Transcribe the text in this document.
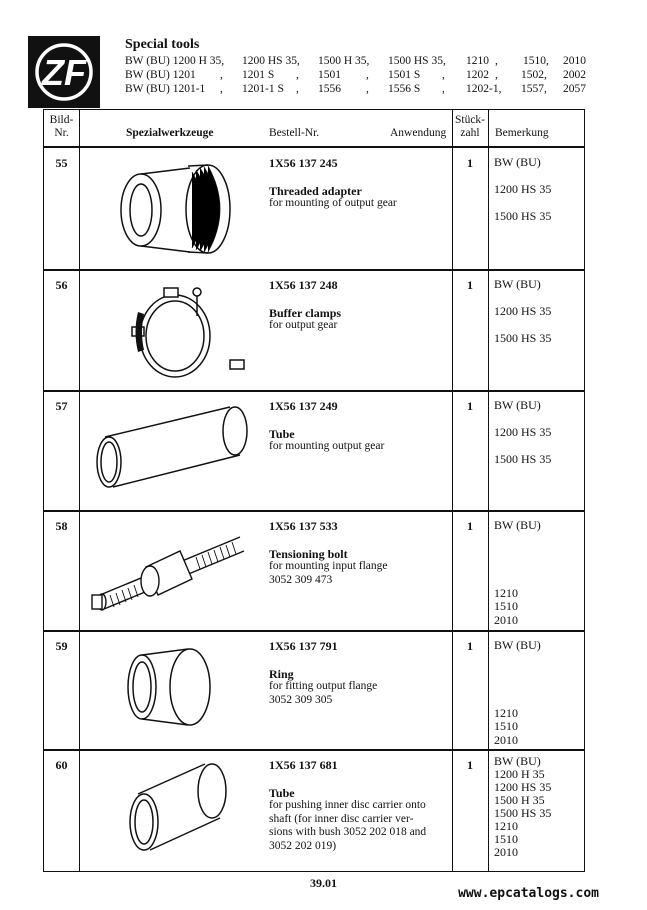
ZF
Special tools
BW (BU) 1200 H 35, 1200 HS 35, 1500 H 35, 1500 HS 35, 1210 , 1510, 2010
BW (BU) 1201 , 1201 S , 1501 , 1501 S , 1202 , 1502, 2002
BW (BU) 1201-1 , 1201-1 S , 1556 , 1556 S , 1202-1, 1557, 2057
Bild-
Nr.	Spezialwerkzeuge	Bestell-Nr.	Anwendung
Stück-
zahl	Bemerkung
55	1X56 137 245
Threaded adapter
for mounting of output gear
1	BW (BU)
1200 HS 35
1500 HS 35
56	1X56 137 248
Buffer clamps
for output gear
1	BW (BU)
1200 HS 35
1500 HS 35
57	1X56 137 249
Tube
for mounting output gear
1	BW (BU)
1200 HS 35
1500 HS 35
58	1X56 137 533
Tensioning bolt
for mounting input flange
3052 309 473
1	BW (BU)
1210
1510
2010
59	1X56 137 791
Ring
for fitting output flange
3052 309 305
1	BW (BU)
1210
1510
2010
60	1X56 137 681
Tube
for pushing inner disc carrier onto
shaft (for inner disc carrier ver-
sions with bush 3052 202 018 and
3052 202 019)
1	BW (BU)
1200 H 35
1200 HS 35
1500 H 35
1500 HS 35
1210
1510
2010
39.01
www.epcatalogs.com
